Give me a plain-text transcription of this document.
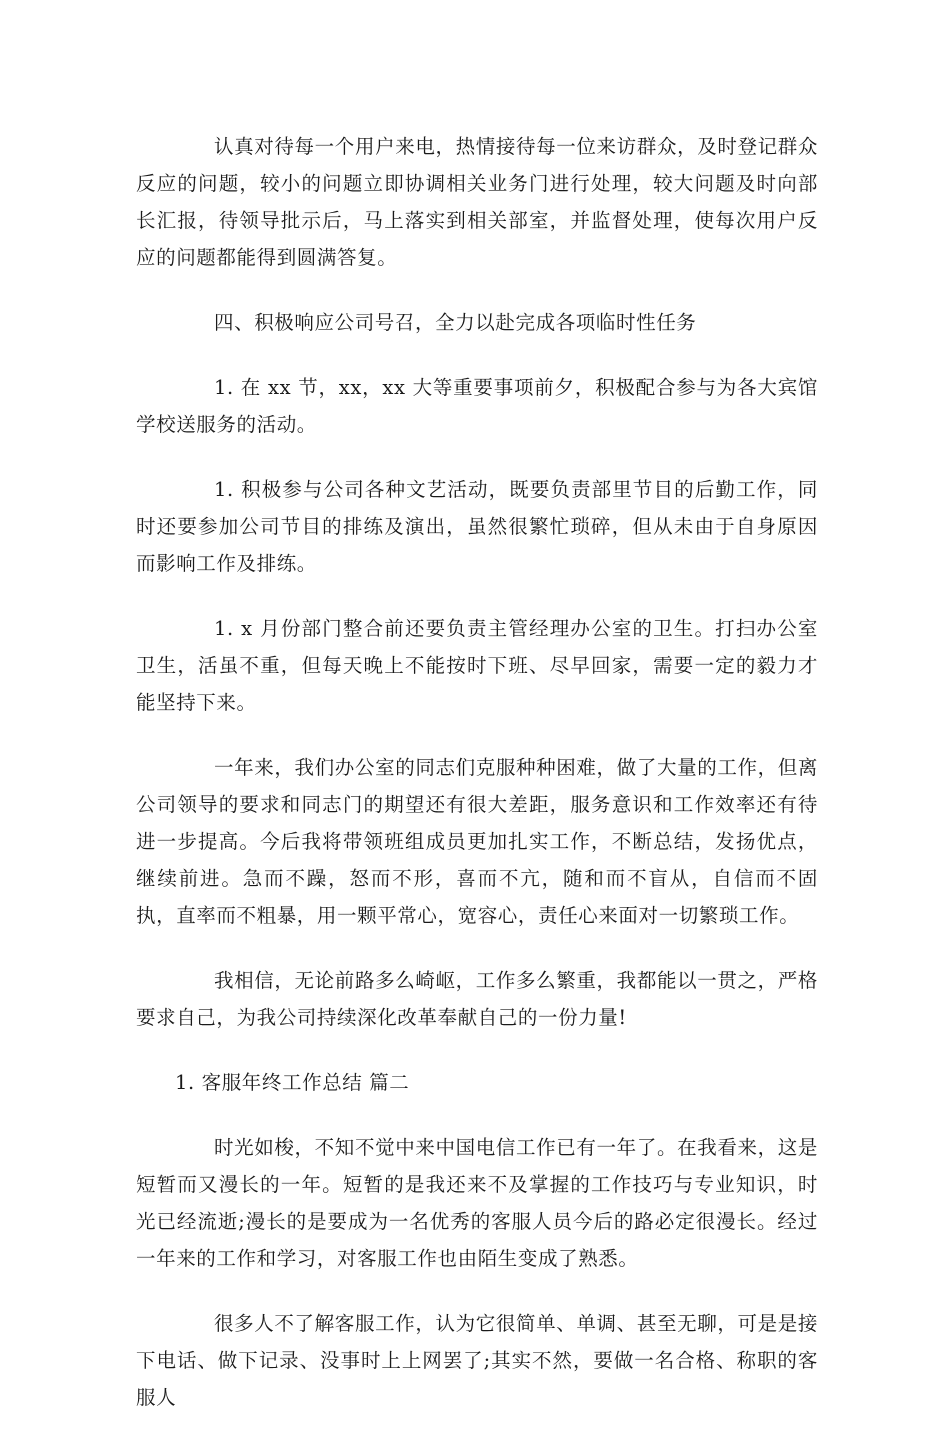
认真对待每一个用户来电，热情接待每一位来访群众，及时登记群众反应的问题，较小的问题立即协调相关业务门进行处理，较大问题及时向部长汇报，待领导批示后，马上落实到相关部室，并监督处理，使每次用户反应的问题都能得到圆满答复。

四、积极响应公司号召，全力以赴完成各项临时性任务

1. 在 xx 节，xx，xx 大等重要事项前夕，积极配合参与为各大宾馆学校送服务的活动。

1. 积极参与公司各种文艺活动，既要负责部里节目的后勤工作，同时还要参加公司节目的排练及演出，虽然很繁忙琐碎，但从未由于自身原因而影响工作及排练。

1. x 月份部门整合前还要负责主管经理办公室的卫生。打扫办公室卫生，活虽不重，但每天晚上不能按时下班、尽早回家，需要一定的毅力才能坚持下来。

一年来，我们办公室的同志们克服种种困难，做了大量的工作，但离公司领导的要求和同志门的期望还有很大差距，服务意识和工作效率还有待进一步提高。今后我将带领班组成员更加扎实工作，不断总结，发扬优点，继续前进。急而不躁，怒而不形，喜而不亢，随和而不盲从，自信而不固执，直率而不粗暴，用一颗平常心，宽容心，责任心来面对一切繁琐工作。

我相信，无论前路多么崎岖，工作多么繁重，我都能以一贯之，严格要求自己，为我公司持续深化改革奉献自己的一份力量!

1. 客服年终工作总结 篇二

时光如梭，不知不觉中来中国电信工作已有一年了。在我看来，这是短暂而又漫长的一年。短暂的是我还来不及掌握的工作技巧与专业知识，时光已经流逝;漫长的是要成为一名优秀的客服人员今后的路必定很漫长。经过一年来的工作和学习，对客服工作也由陌生变成了熟悉。

很多人不了解客服工作，认为它很简单、单调、甚至无聊，可是是接下电话、做下记录、没事时上上网罢了;其实不然，要做一名合格、称职的客服人
